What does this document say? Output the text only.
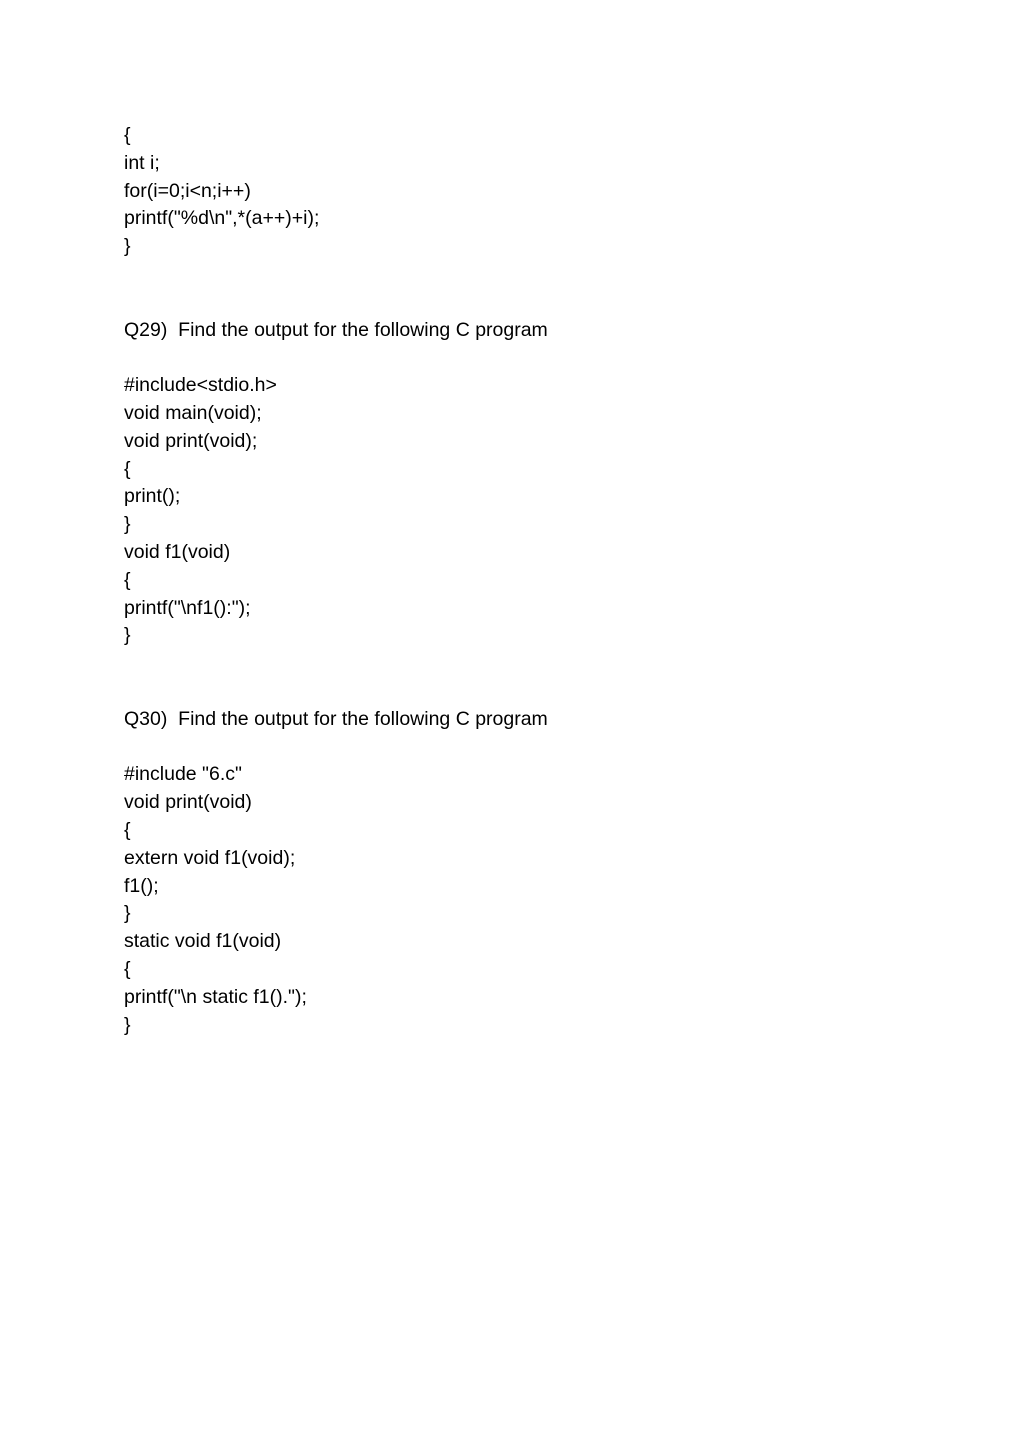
{
int i;
for(i=0;i<n;i++)
printf("%d\n",*(a++)+i);
}
Q29)  Find the output for the following C program
#include<stdio.h>
void main(void);
void print(void);
{
print();
}
void f1(void)
{
printf("\nf1():");
}
Q30)  Find the output for the following C program
#include "6.c"
void print(void)
{
extern void f1(void);
f1();
}
static void f1(void)
{
printf("\n static f1().");
}
